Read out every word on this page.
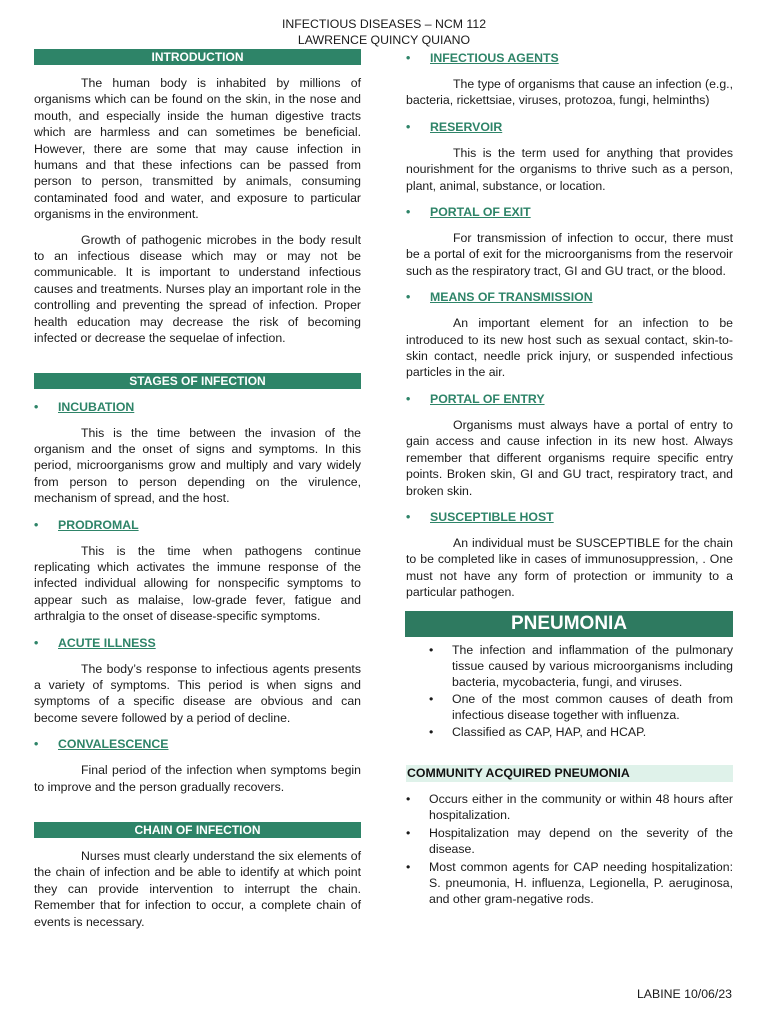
INFECTIOUS DISEASES – NCM 112
LAWRENCE QUINCY QUIANO
INTRODUCTION

The human body is inhabited by millions of organisms which can be found on the skin, in the nose and mouth, and especially inside the human digestive tracts which are harmless and can sometimes be beneficial. However, there are some that may cause infection in humans and that these infections can be passed from person to person, transmitted by animals, consuming contaminated food and water, and exposure to particular organisms in the environment.

Growth of pathogenic microbes in the body result to an infectious disease which may or may not be communicable. It is important to understand infectious causes and treatments. Nurses play an important role in the controlling and preventing the spread of infection. Proper health education may decrease the risk of becoming infected or decrease the sequelae of infection.

STAGES OF INFECTION
• INCUBATION

This is the time between the invasion of the organism and the onset of signs and symptoms. In this period, microorganisms grow and multiply and vary widely from person to person depending on the virulence, mechanism of spread, and the host.

• PRODROMAL

This is the time when pathogens continue replicating which activates the immune response of the infected individual allowing for nonspecific symptoms to appear such as malaise, low-grade fever, fatigue and arthralgia to the onset of disease-specific symptoms.

• ACUTE ILLNESS

The body’s response to infectious agents presents a variety of symptoms. This period is when signs and symptoms of a specific disease are obvious and can become severe followed by a period of decline.

• CONVALESCENCE

Final period of the infection when symptoms begin to improve and the person gradually recovers.

CHAIN OF INFECTION

Nurses must clearly understand the six elements of the chain of infection and be able to identify at which point they can provide intervention to interrupt the chain. Remember that for infection to occur, a complete chain of events is necessary.

• INFECTIOUS AGENTS

The type of organisms that cause an infection (e.g., bacteria, rickettsiae, viruses, protozoa, fungi, helminths)

• RESERVOIR

This is the term used for anything that provides nourishment for the organisms to thrive such as a person, plant, animal, substance, or location.

• PORTAL OF EXIT

For transmission of infection to occur, there must be a portal of exit for the microorganisms from the reservoir such as the respiratory tract, GI and GU tract, or the blood.

• MEANS OF TRANSMISSION

An important element for an infection to be introduced to its new host such as sexual contact, skin-to-skin contact, needle prick injury, or suspended infectious particles in the air.

• PORTAL OF ENTRY

Organisms must always have a portal of entry to gain access and cause infection in its new host. Always remember that different organisms require specific entry points. Broken skin, GI and GU tract, respiratory tract, and broken skin.

• SUSCEPTIBLE HOST

An individual must be SUSCEPTIBLE for the chain to be completed like in cases of immunosuppression, . One must not have any form of protection or immunity to a particular pathogen.

PNEUMONIA
• The infection and inflammation of the pulmonary tissue caused by various microorganisms including bacteria, mycobacteria, fungi, and viruses.
• One of the most common causes of death from infectious disease together with influenza.
• Classified as CAP, HAP, and HCAP.
COMMUNITY ACQUIRED PNEUMONIA
• Occurs either in the community or within 48 hours after hospitalization.
• Hospitalization may depend on the severity of the disease.
• Most common agents for CAP needing hospitalization: S. pneumonia, H. influenza, Legionella, P. aeruginosa, and other gram-negative rods.
LABINE 10/06/23
